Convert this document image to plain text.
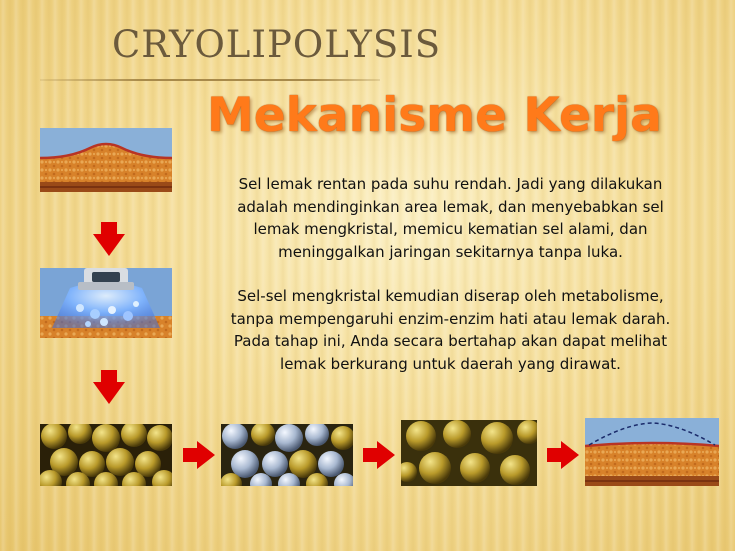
CRYOLIPOLYSIS
Mekanisme Kerja

Sel lemak rentan pada suhu rendah. Jadi yang dilakukan adalah mendinginkan area lemak, dan menyebabkan sel lemak mengkristal, memicu kematian sel alami, dan meninggalkan jaringan sekitarnya tanpa luka.

Sel-sel mengkristal kemudian diserap oleh metabolisme, tanpa mempengaruhi enzim-enzim hati atau lemak darah. Pada tahap ini, Anda secara bertahap akan dapat melihat lemak berkurang untuk daerah yang dirawat.
